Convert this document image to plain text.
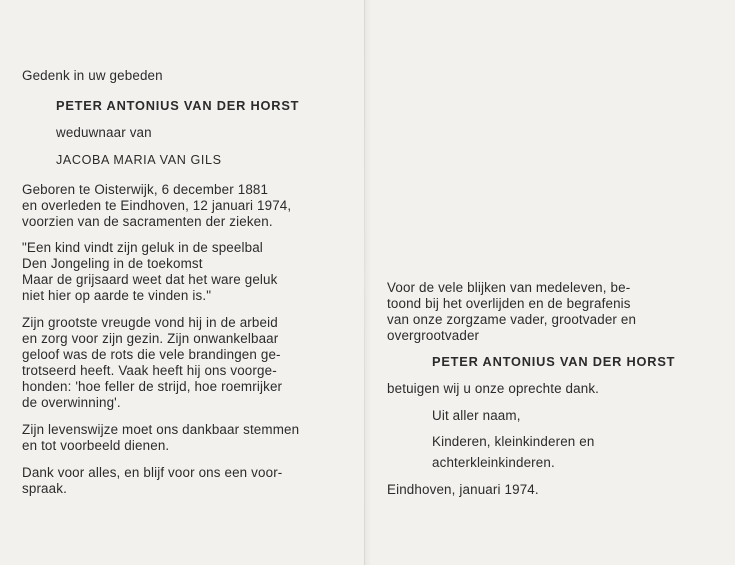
Gedenk in uw gebeden
PETER ANTONIUS VAN DER HORST
weduwnaar van
JACOBA MARIA VAN GILS
Geboren te Oisterwijk, 6 december 1881
en overleden te Eindhoven, 12 januari 1974,
voorzien van de sacramenten der zieken.
"Een kind vindt zijn geluk in de speelbal
Den Jongeling in de toekomst
Maar de grijsaard weet dat het ware geluk
niet hier op aarde te vinden is."
Zijn grootste vreugde vond hij in de arbeid
en zorg voor zijn gezin. Zijn onwankelbaar
geloof was de rots die vele brandingen ge-
trotseerd heeft. Vaak heeft hij ons voorge-
honden: 'hoe feller de strijd, hoe roemrijker
de overwinning'.
Zijn levenswijze moet ons dankbaar stemmen
en tot voorbeeld dienen.
Dank voor alles, en blijf voor ons een voor-
spraak.
Voor de vele blijken van medeleven, be-
toond bij het overlijden en de begrafenis
van onze zorgzame vader, grootvader en
overgrootvader
PETER ANTONIUS VAN DER HORST
betuigen wij u onze oprechte dank.
Uit aller naam,
Kinderen, kleinkinderen en
achterkleinkinderen.
Eindhoven, januari 1974.
